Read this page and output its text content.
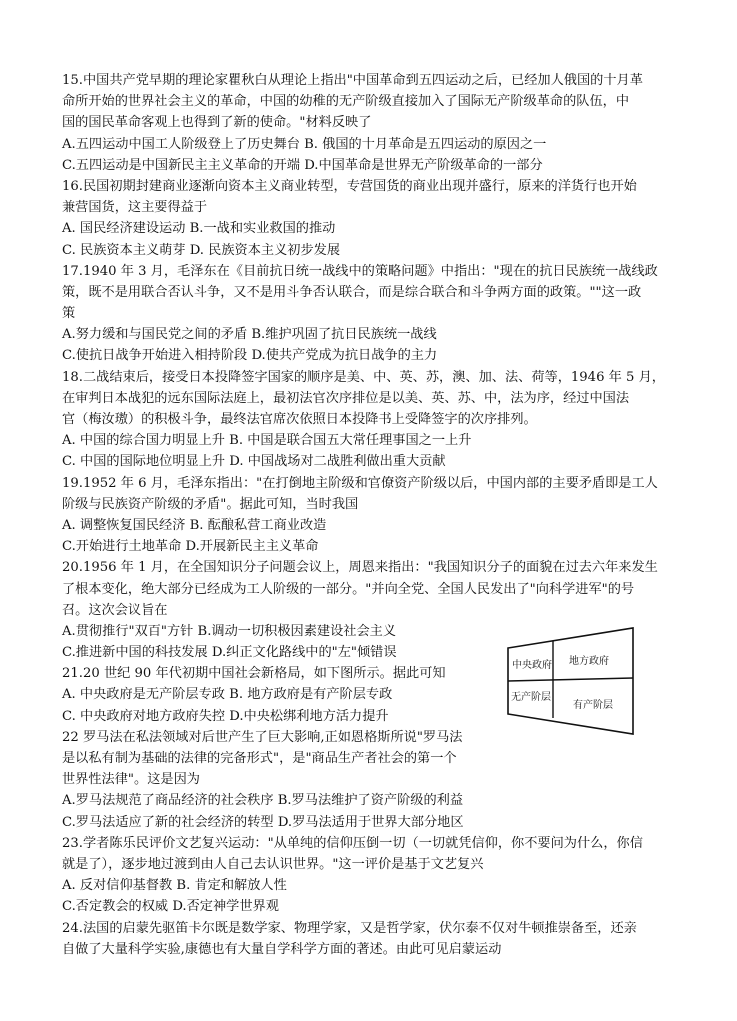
15.中国共产党早期的理论家瞿秋白从理论上指出"中国革命到五四运动之后，已经加人俄国的十月革
命所开始的世界社会主义的革命，中国的幼稚的无产阶级直接加入了国际无产阶级革命的队伍，中
国的国民革命客观上也得到了新的使命。"材料反映了
A.五四运动中国工人阶级登上了历史舞台 B. 俄国的十月革命是五四运动的原因之一
C.五四运动是中国新民主主义革命的开端 D.中国革命是世界无产阶级革命的一部分
16.民国初期封建商业逐渐向资本主义商业转型，专营国货的商业出现并盛行，原来的洋货行也开始
兼营国货，这主要得益于
A. 国民经济建设运动 B.一战和实业救国的推动
C. 民族资本主义萌芽 D. 民族资本主义初步发展
17.1940 年 3 月，毛泽东在《目前抗日统一战线中的策略问题》中指出："现在的抗日民族统一战线政
策，既不是用联合否认斗争，又不是用斗争否认联合，而是综合联合和斗争两方面的政策。""这一政
策
A.努力缓和与国民党之间的矛盾 B.维护巩固了抗日民族统一战线
C.使抗日战争开始进入相持阶段 D.使共产党成为抗日战争的主力
18.二战结束后，接受日本投降签字国家的顺序是美、中、英、苏，澳、加、法、荷等，1946 年 5 月，
在审判日本战犯的远东国际法庭上，最初法官次序排位是以美、英、苏、中，法为序，经过中国法
官（梅汝璈）的积极斗争，最终法官席次依照日本投降书上受降签字的次序排列。
A. 中国的综合国力明显上升 B. 中国是联合国五大常任理事国之一上升
C. 中国的国际地位明显上升 D. 中国战场对二战胜利做出重大贡献
19.1952 年 6 月，毛泽东指出："在打倒地主阶级和官僚资产阶级以后，中国内部的主要矛盾即是工人
阶级与民族资产阶级的矛盾"。据此可知，当时我国
A. 调整恢复国民经济 B. 酝酿私营工商业改造
C.开始进行土地革命 D.开展新民主主义革命
20.1956 年 1 月，在全国知识分子问题会议上，周恩来指出："我国知识分子的面貌在过去六年来发生
了根本变化，绝大部分已经成为工人阶级的一部分。"并向全党、全国人民发出了"向科学进军"的号
召。这次会议旨在
A.贯彻推行"双百"方针 B.调动一切积极因素建设社会主义
C.推进新中国的科技发展 D.纠正文化路线中的"左"倾错误
21.20 世纪 90 年代初期中国社会新格局，如下图所示。据此可知
A. 中央政府是无产阶层专政 B. 地方政府是有产阶层专政
C. 中央政府对地方政府失控 D.中央松绑利地方活力提升
22 罗马法在私法领域对后世产生了巨大影响,正如恩格斯所说"罗马法
是以私有制为基础的法律的完备形式"，是"商品生产者社会的第一个
世界性法律"。这是因为
A.罗马法规范了商品经济的社会秩序 B.罗马法维护了资产阶级的利益
C.罗马法适应了新的社会经济的转型 D.罗马法适用于世界大部分地区
23.学者陈乐民评价文艺复兴运动："从单纯的信仰压倒一切（一切就凭信仰，你不要问为什么，你信
就是了），逐步地过渡到由人自己去认识世界。"这一评价是基于文艺复兴
A. 反对信仰基督教 B. 肯定和解放人性
C.否定教会的权威 D.否定神学世界观
24.法国的启蒙先驱笛卡尔既是数学家、物理学家，又是哲学家，伏尔泰不仅对牛顿推崇备至，还亲
自做了大量科学实验,康德也有大量自学科学方面的著述。由此可见启蒙运动
中央政府 地方政府
无产阶层
有产阶层
